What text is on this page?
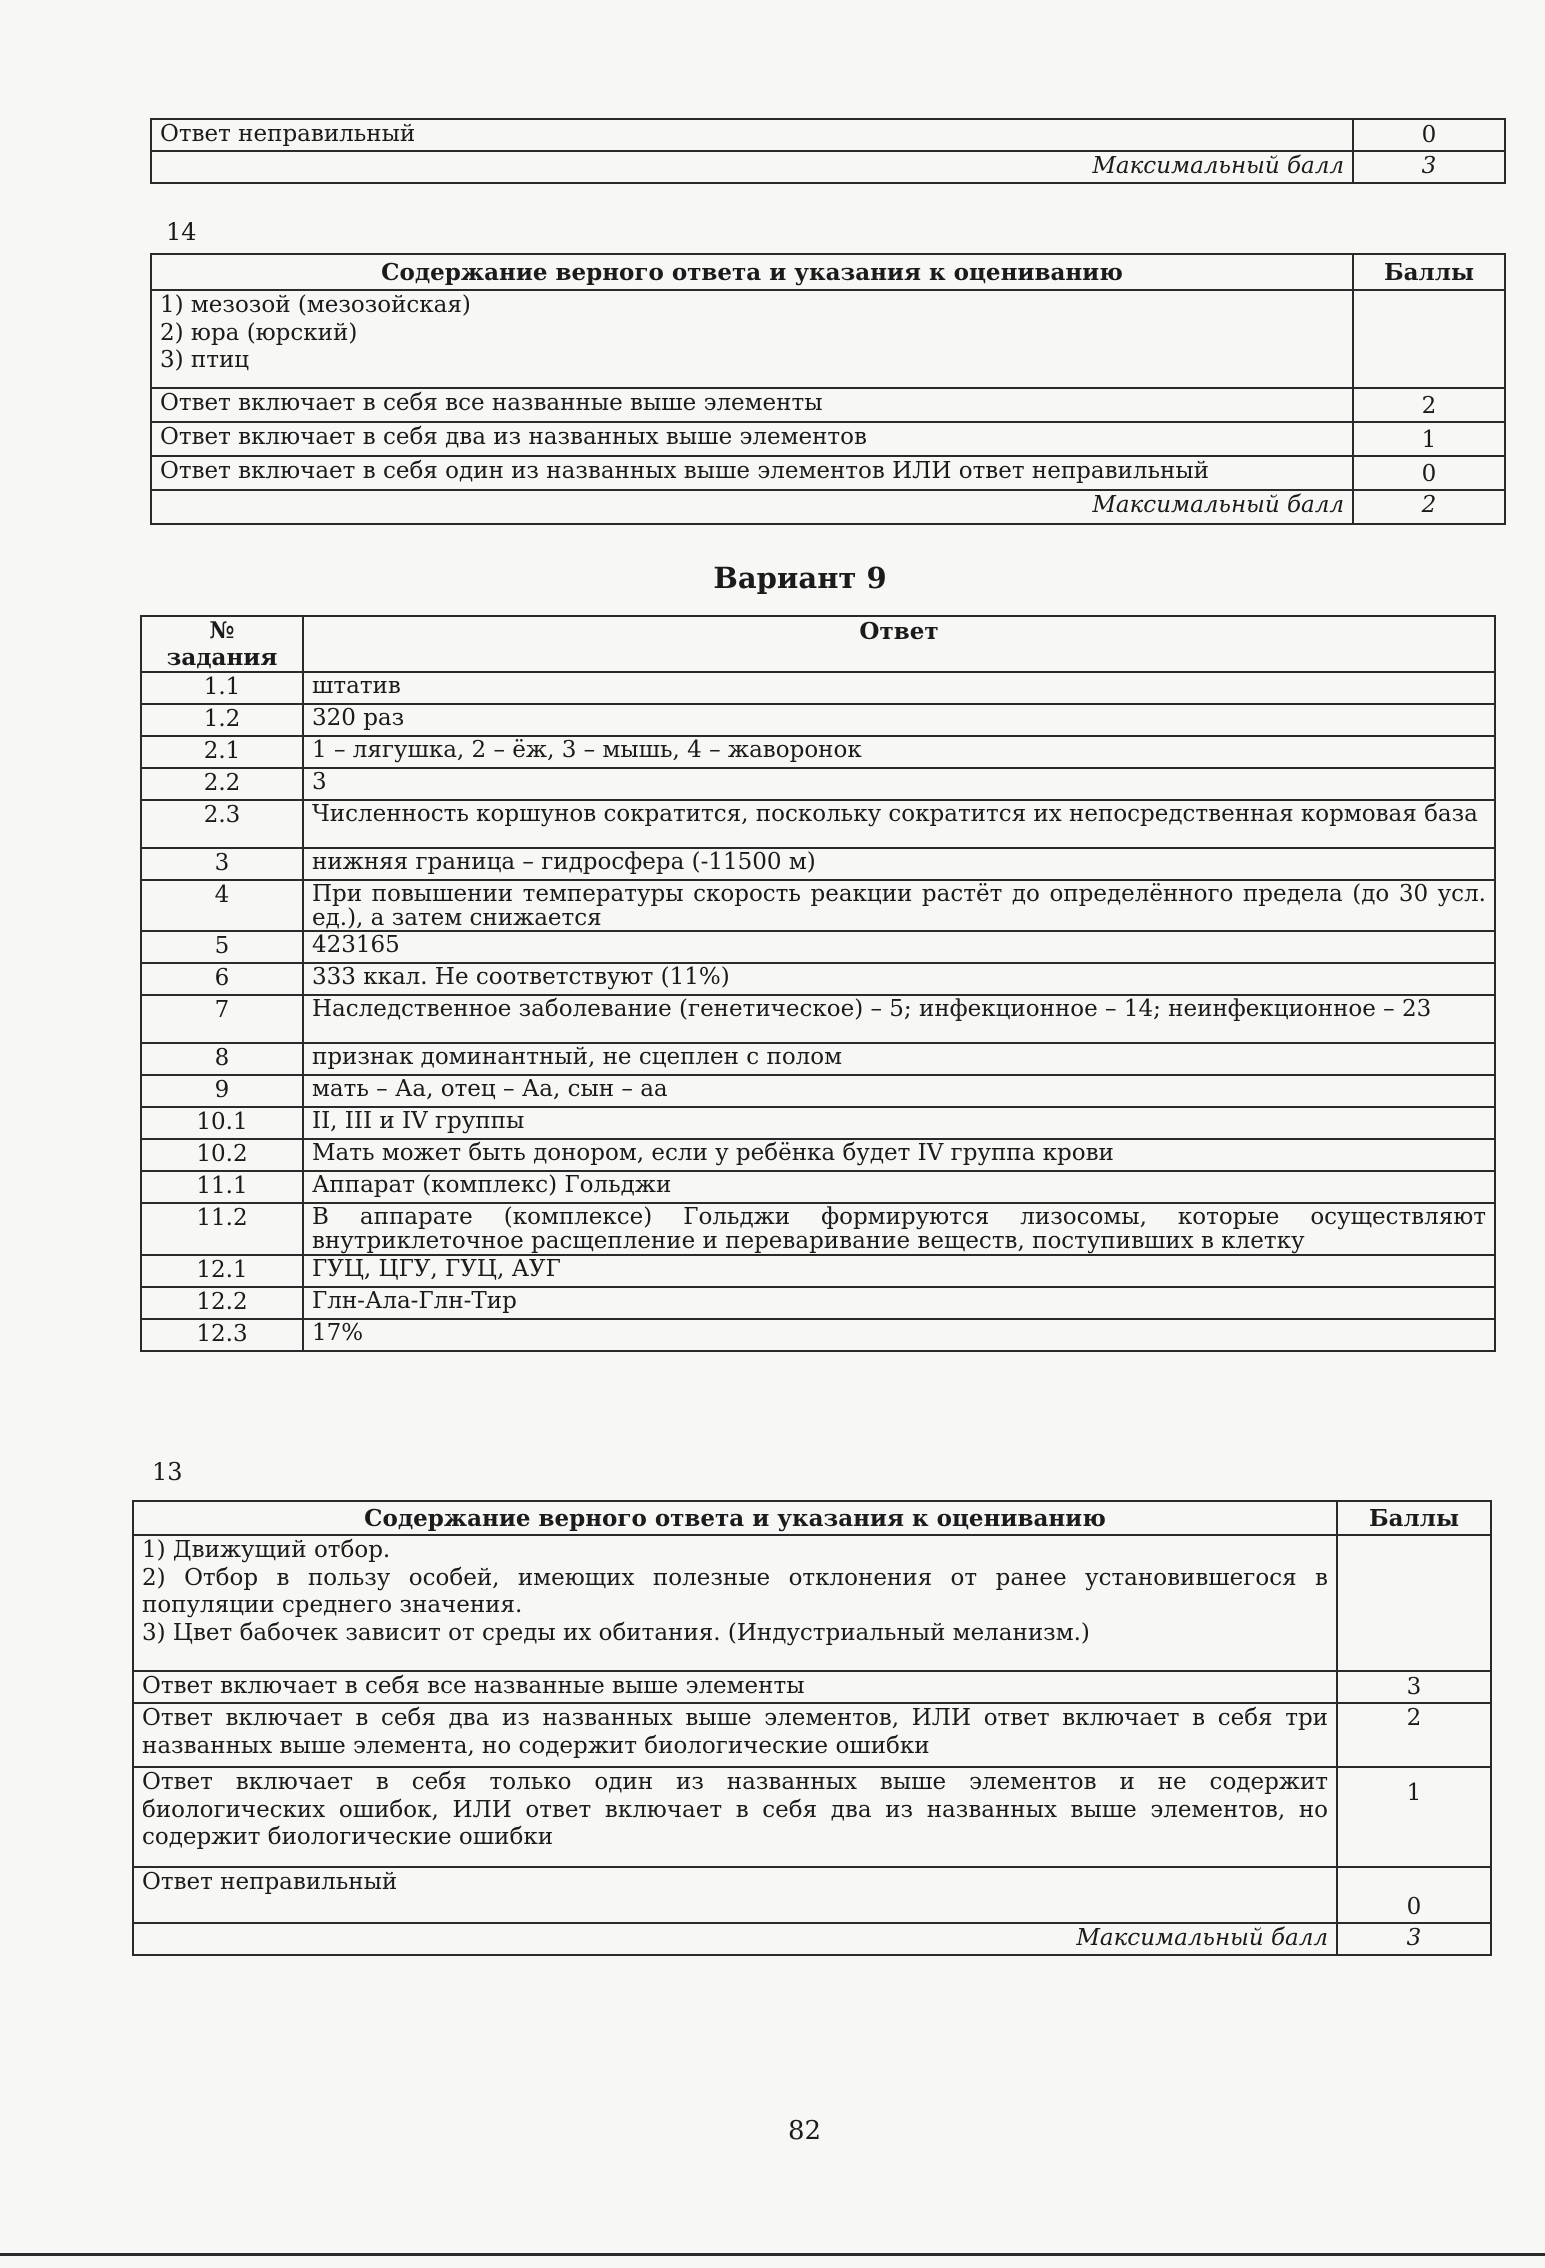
Ответ неправильный	0
Максимальный балл	3
14
Содержание верного ответа и указания к оцениванию	Баллы

1) мезозой (мезозойская)
2) юра (юрский)
3) птиц	

Ответ включает в себя все названные выше элементы	2
Ответ включает в себя два из названных выше элементов	1
Ответ включает в себя один из названных выше элементов ИЛИ ответ неправильный	0
Максимальный балл	2
Вариант 9
№
задания	Ответ
1.1	штатив
1.2	320 раз
2.1	1 – лягушка, 2 – ёж, 3 – мышь, 4 – жаворонок
2.2	3
2.3	Численность коршунов сократится, поскольку сократится их непосредственная кормовая база
3	нижняя граница – гидросфера (-11500 м)
4	При повышении температуры скорость реакции растёт до определённого предела (до 30 усл. ед.), а затем снижается
5	423165
6	333 ккал. Не соответствуют (11%)
7	Наследственное заболевание (генетическое) – 5; инфекционное – 14; неинфекционное – 23
8	признак доминантный, не сцеплен с полом
9	мать – Аа, отец – Аа, сын – аа
10.1	II, III и IV группы
10.2	Мать может быть донором, если у ребёнка будет IV группа крови
11.1	Аппарат (комплекс) Гольджи
11.2	В аппарате (комплексе) Гольджи формируются лизосомы, которые осуществляют внутриклеточное расщепление и переваривание веществ, поступивших в клетку
12.1	ГУЦ, ЦГУ, ГУЦ, АУГ
12.2	Глн-Ала-Глн-Тир
12.3	17%
13
Содержание верного ответа и указания к оцениванию	Баллы

1) Движущий отбор.
2) Отбор в пользу особей, имеющих полезные отклонения от ранее установившегося в популяции среднего значения.
3) Цвет бабочек зависит от среды их обитания. (Индустриальный меланизм.)	

Ответ включает в себя все названные выше элементы	3
Ответ включает в себя два из названных выше элементов, ИЛИ ответ включает в себя три названных выше элемента, но содержит биологические ошибки	2
Ответ включает в себя только один из названных выше элементов и не содержит биологических ошибок, ИЛИ ответ включает в себя два из названных выше элементов, но содержит биологические ошибки	1
Ответ неправильный	0
Максимальный балл	3
82
